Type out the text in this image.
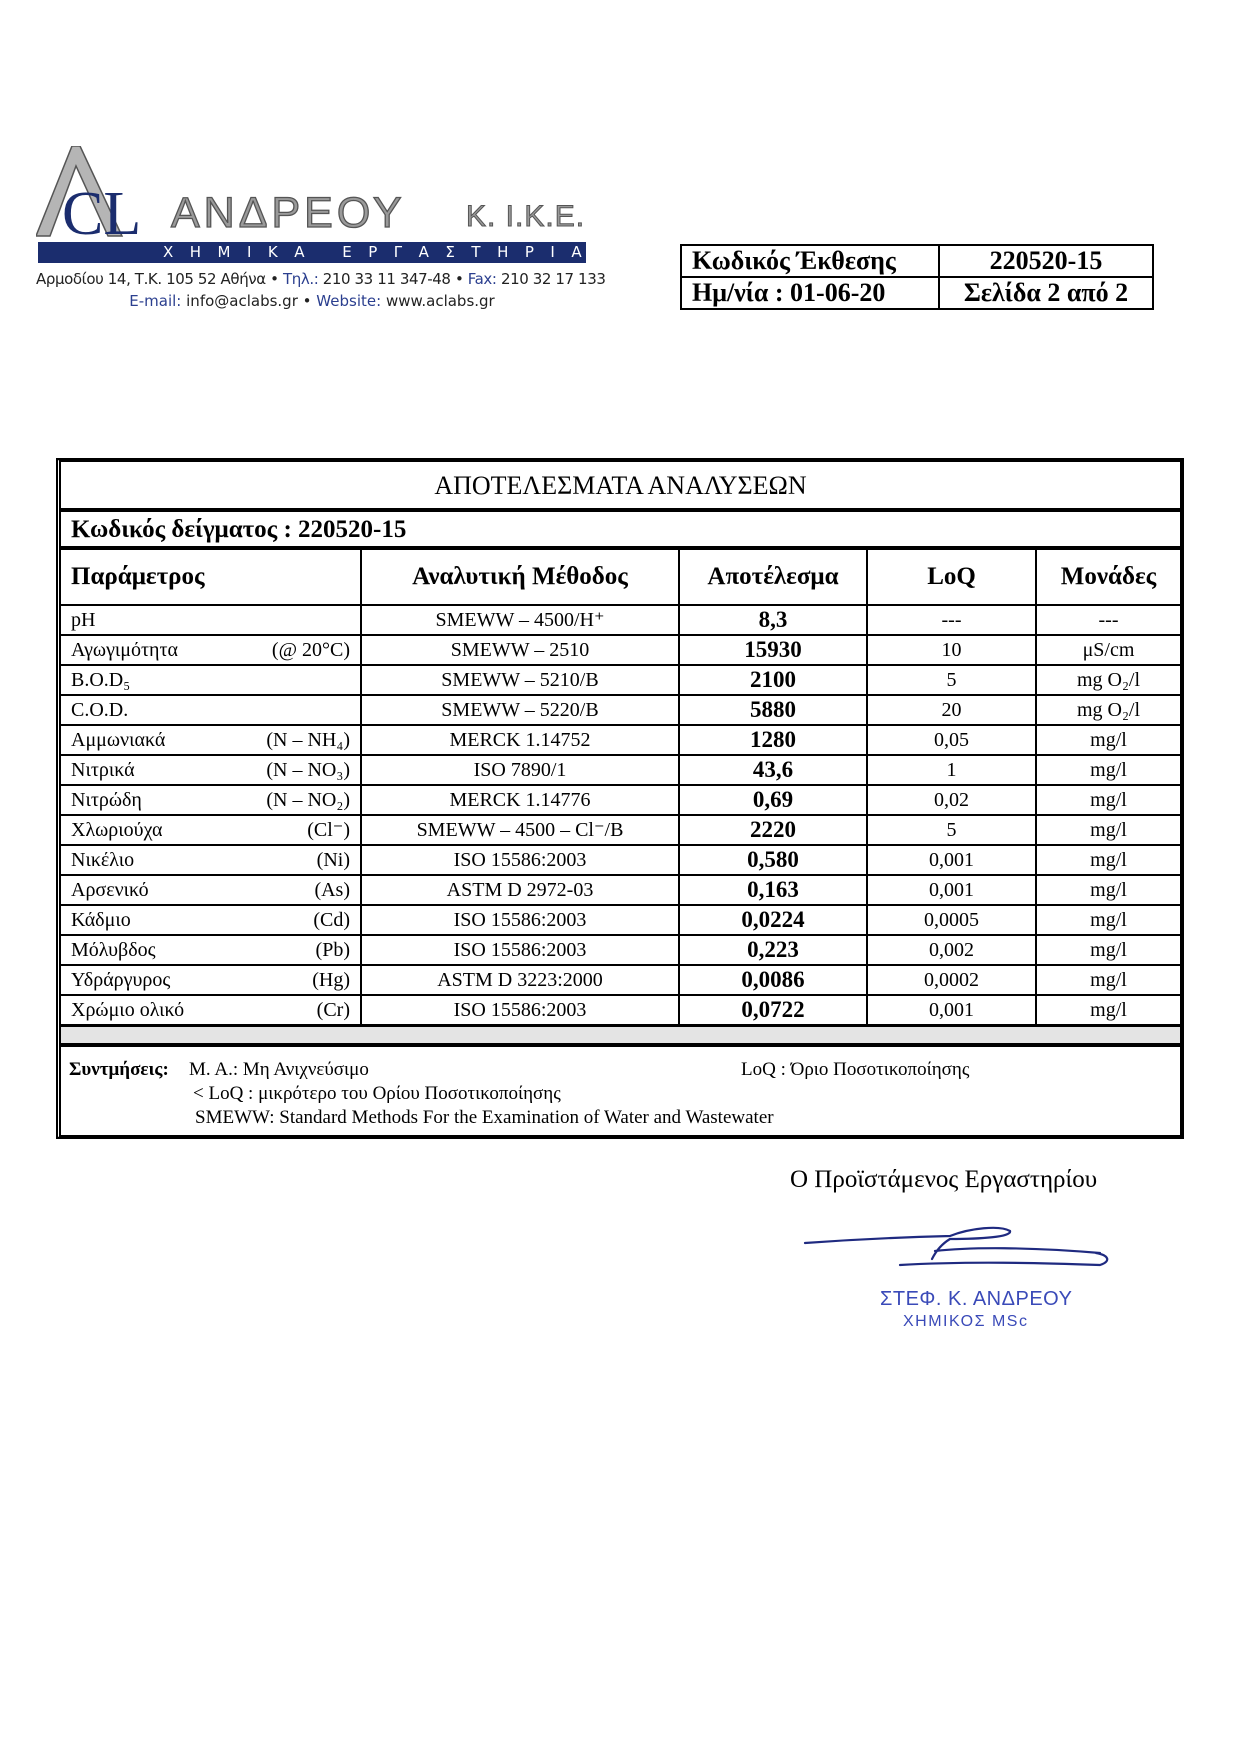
CL ΑΝΔΡΕΟΥ Κ. Ι.Κ.Ε.
ΧΗΜΙΚΑ ΕΡΓΑΣΤΗΡΙΑ
Αρμοδίου 14, Τ.Κ. 105 52 Αθήνα • Τηλ.: 210 33 11 347-48 • Fax: 210 32 17 133
E-mail: info@aclabs.gr • Website: www.aclabs.gr
Κωδικός Έκθεσης	220520-15
Ημ/νία : 01-06-20	Σελίδα 2 από 2
ΑΠΟΤΕΛΕΣΜΑΤΑ ΑΝΑΛΥΣΕΩΝ
Κωδικός δείγματος : 220520-15
Παράμετρος	Αναλυτική Μέθοδος	Αποτέλεσμα	LoQ	Μονάδες

pH	SMEWW – 4500/H⁺	8,3	---	---

Αγωγιμότητα (@ 20°C)	SMEWW – 2510	15930	10	μS/cm

B.O.D₅	SMEWW – 5210/B	2100	5	mg O₂/l

C.O.D.	SMEWW – 5220/B	5880	20	mg O₂/l

Αμμωνιακά (N – NH₄)	MERCK 1.14752	1280	0,05	mg/l

Νιτρικά (N – NO₃)	ISO 7890/1	43,6	1	mg/l

Νιτρώδη (N – NO₂)	MERCK 1.14776	0,69	0,02	mg/l

Χλωριούχα (Cl⁻)	SMEWW – 4500 – Cl⁻/B	2220	5	mg/l

Νικέλιο (Ni)	ISO 15586:2003	0,580	0,001	mg/l

Αρσενικό (As)	ASTM D 2972-03	0,163	0,001	mg/l

Κάδμιο (Cd)	ISO 15586:2003	0,0224	0,0005	mg/l

Μόλυβδος (Pb)	ISO 15586:2003	0,223	0,002	mg/l

Υδράργυρος (Hg)	ASTM D 3223:2000	0,0086	0,0002	mg/l

Χρώμιο ολικό (Cr)	ISO 15586:2003	0,0722	0,001	mg/l
Συντμήσεις: Μ. Α.: Μη Ανιχνεύσιμο	LoQ : Όριο Ποσοτικοποίησης
< LoQ : μικρότερο του Ορίου Ποσοτικοποίησης
SMEWW: Standard Methods For the Examination of Water and Wastewater
Ο Προϊστάμενος Εργαστηρίου
ΣΤΕΦ. Κ. ΑΝΔΡΕΟΥ
ΧΗΜΙΚΟΣ MSc
